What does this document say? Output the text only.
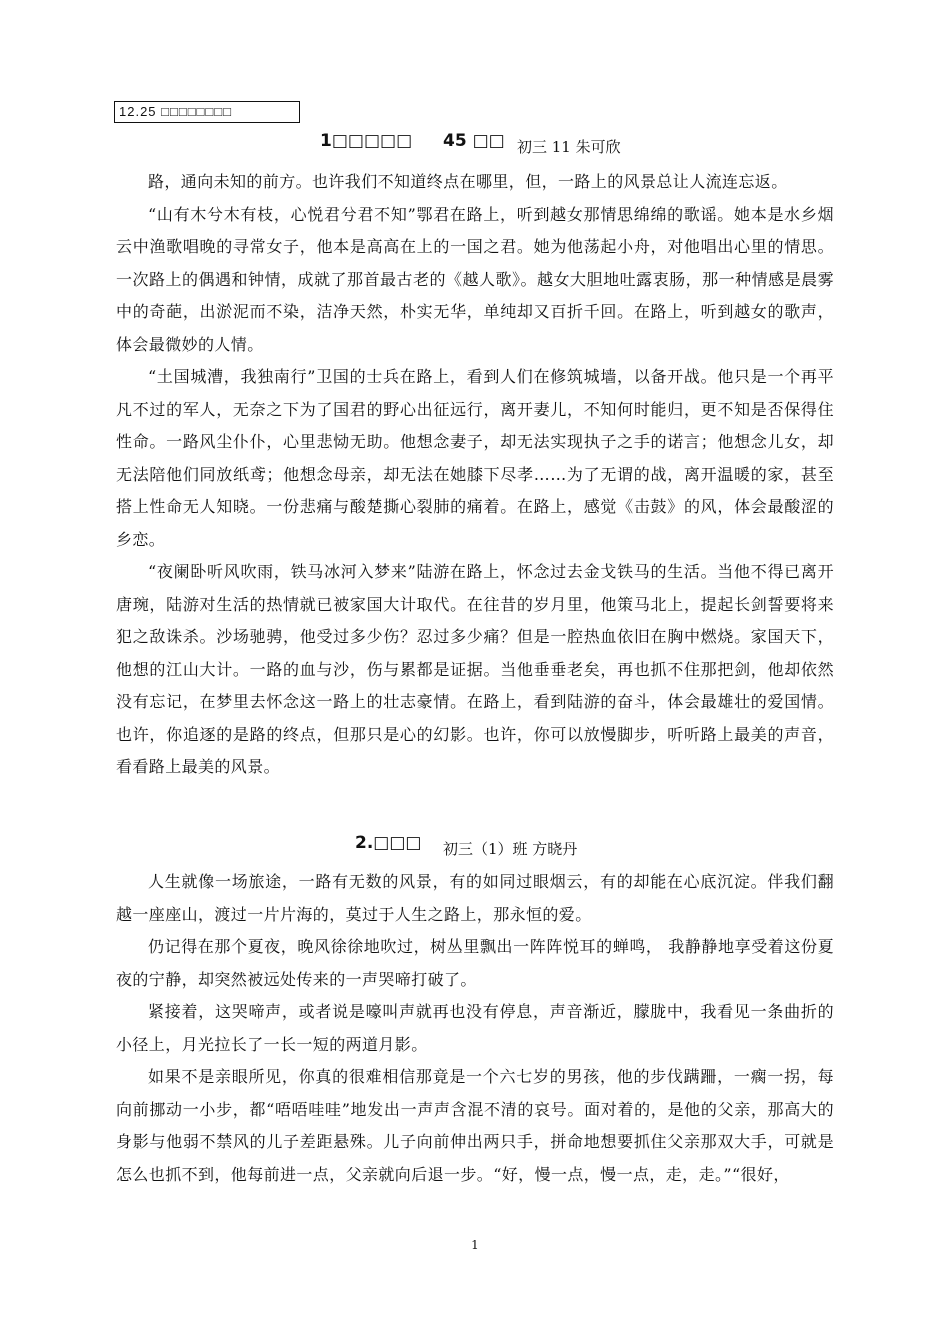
12.25 □□□□□□□□
1□□□□□ 45 □□ 初三 11 朱可欣

路，通向未知的前方。也许我们不知道终点在哪里，但，一路上的风景总让人流连忘返。

“山有木兮木有枝，心悦君兮君不知”鄂君在路上，听到越女那情思绵绵的歌谣。她本是水乡烟云中渔歌唱晚的寻常女子，他本是高高在上的一国之君。她为他荡起小舟，对他唱出心里的情思。一次路上的偶遇和钟情，成就了那首最古老的《越人歌》。越女大胆地吐露衷肠，那一种情感是晨雾中的奇葩，出淤泥而不染，洁净天然，朴实无华，单纯却又百折千回。在路上，听到越女的歌声，体会最微妙的人情。

“土国城漕，我独南行”卫国的士兵在路上，看到人们在修筑城墙，以备开战。他只是一个再平凡不过的军人，无奈之下为了国君的野心出征远行，离开妻儿，不知何时能归，更不知是否保得住性命。一路风尘仆仆，心里悲恸无助。他想念妻子，却无法实现执子之手的诺言；他想念儿女，却无法陪他们同放纸鸢；他想念母亲，却无法在她膝下尽孝……为了无谓的战，离开温暖的家，甚至搭上性命无人知晓。一份悲痛与酸楚撕心裂肺的痛着。在路上，感觉《击鼓》的风，体会最酸涩的乡恋。

“夜阑卧听风吹雨，铁马冰河入梦来”陆游在路上，怀念过去金戈铁马的生活。当他不得已离开唐琬，陆游对生活的热情就已被家国大计取代。在往昔的岁月里，他策马北上，提起长剑誓要将来犯之敌诛杀。沙场驰骋，他受过多少伤？忍过多少痛？但是一腔热血依旧在胸中燃烧。家国天下，他想的江山大计。一路的血与沙，伤与累都是证据。当他垂垂老矣，再也抓不住那把剑，他却依然没有忘记，在梦里去怀念这一路上的壮志豪情。在路上，看到陆游的奋斗，体会最雄壮的爱国情。也许，你追逐的是路的终点，但那只是心的幻影。也许，你可以放慢脚步，听听路上最美的声音，看看路上最美的风景。

2.□□□ 初三（1）班 方晓丹

人生就像一场旅途，一路有无数的风景，有的如同过眼烟云，有的却能在心底沉淀。伴我们翻越一座座山，渡过一片片海的，莫过于人生之路上，那永恒的爱。

仍记得在那个夏夜，晚风徐徐地吹过，树丛里飘出一阵阵悦耳的蝉鸣， 我静静地享受着这份夏夜的宁静，却突然被远处传来的一声哭啼打破了。

紧接着，这哭啼声，或者说是嚎叫声就再也没有停息，声音渐近，朦胧中，我看见一条曲折的小径上，月光拉长了一长一短的两道月影。

如果不是亲眼所见，你真的很难相信那竟是一个六七岁的男孩，他的步伐蹒跚，一瘸一拐，每向前挪动一小步，都“唔唔哇哇”地发出一声声含混不清的哀号。面对着的，是他的父亲，那高大的身影与他弱不禁风的儿子差距悬殊。儿子向前伸出两只手，拼命地想要抓住父亲那双大手，可就是怎么也抓不到，他每前进一点，父亲就向后退一步。“好，慢一点，慢一点，走，走。”“很好，

1
